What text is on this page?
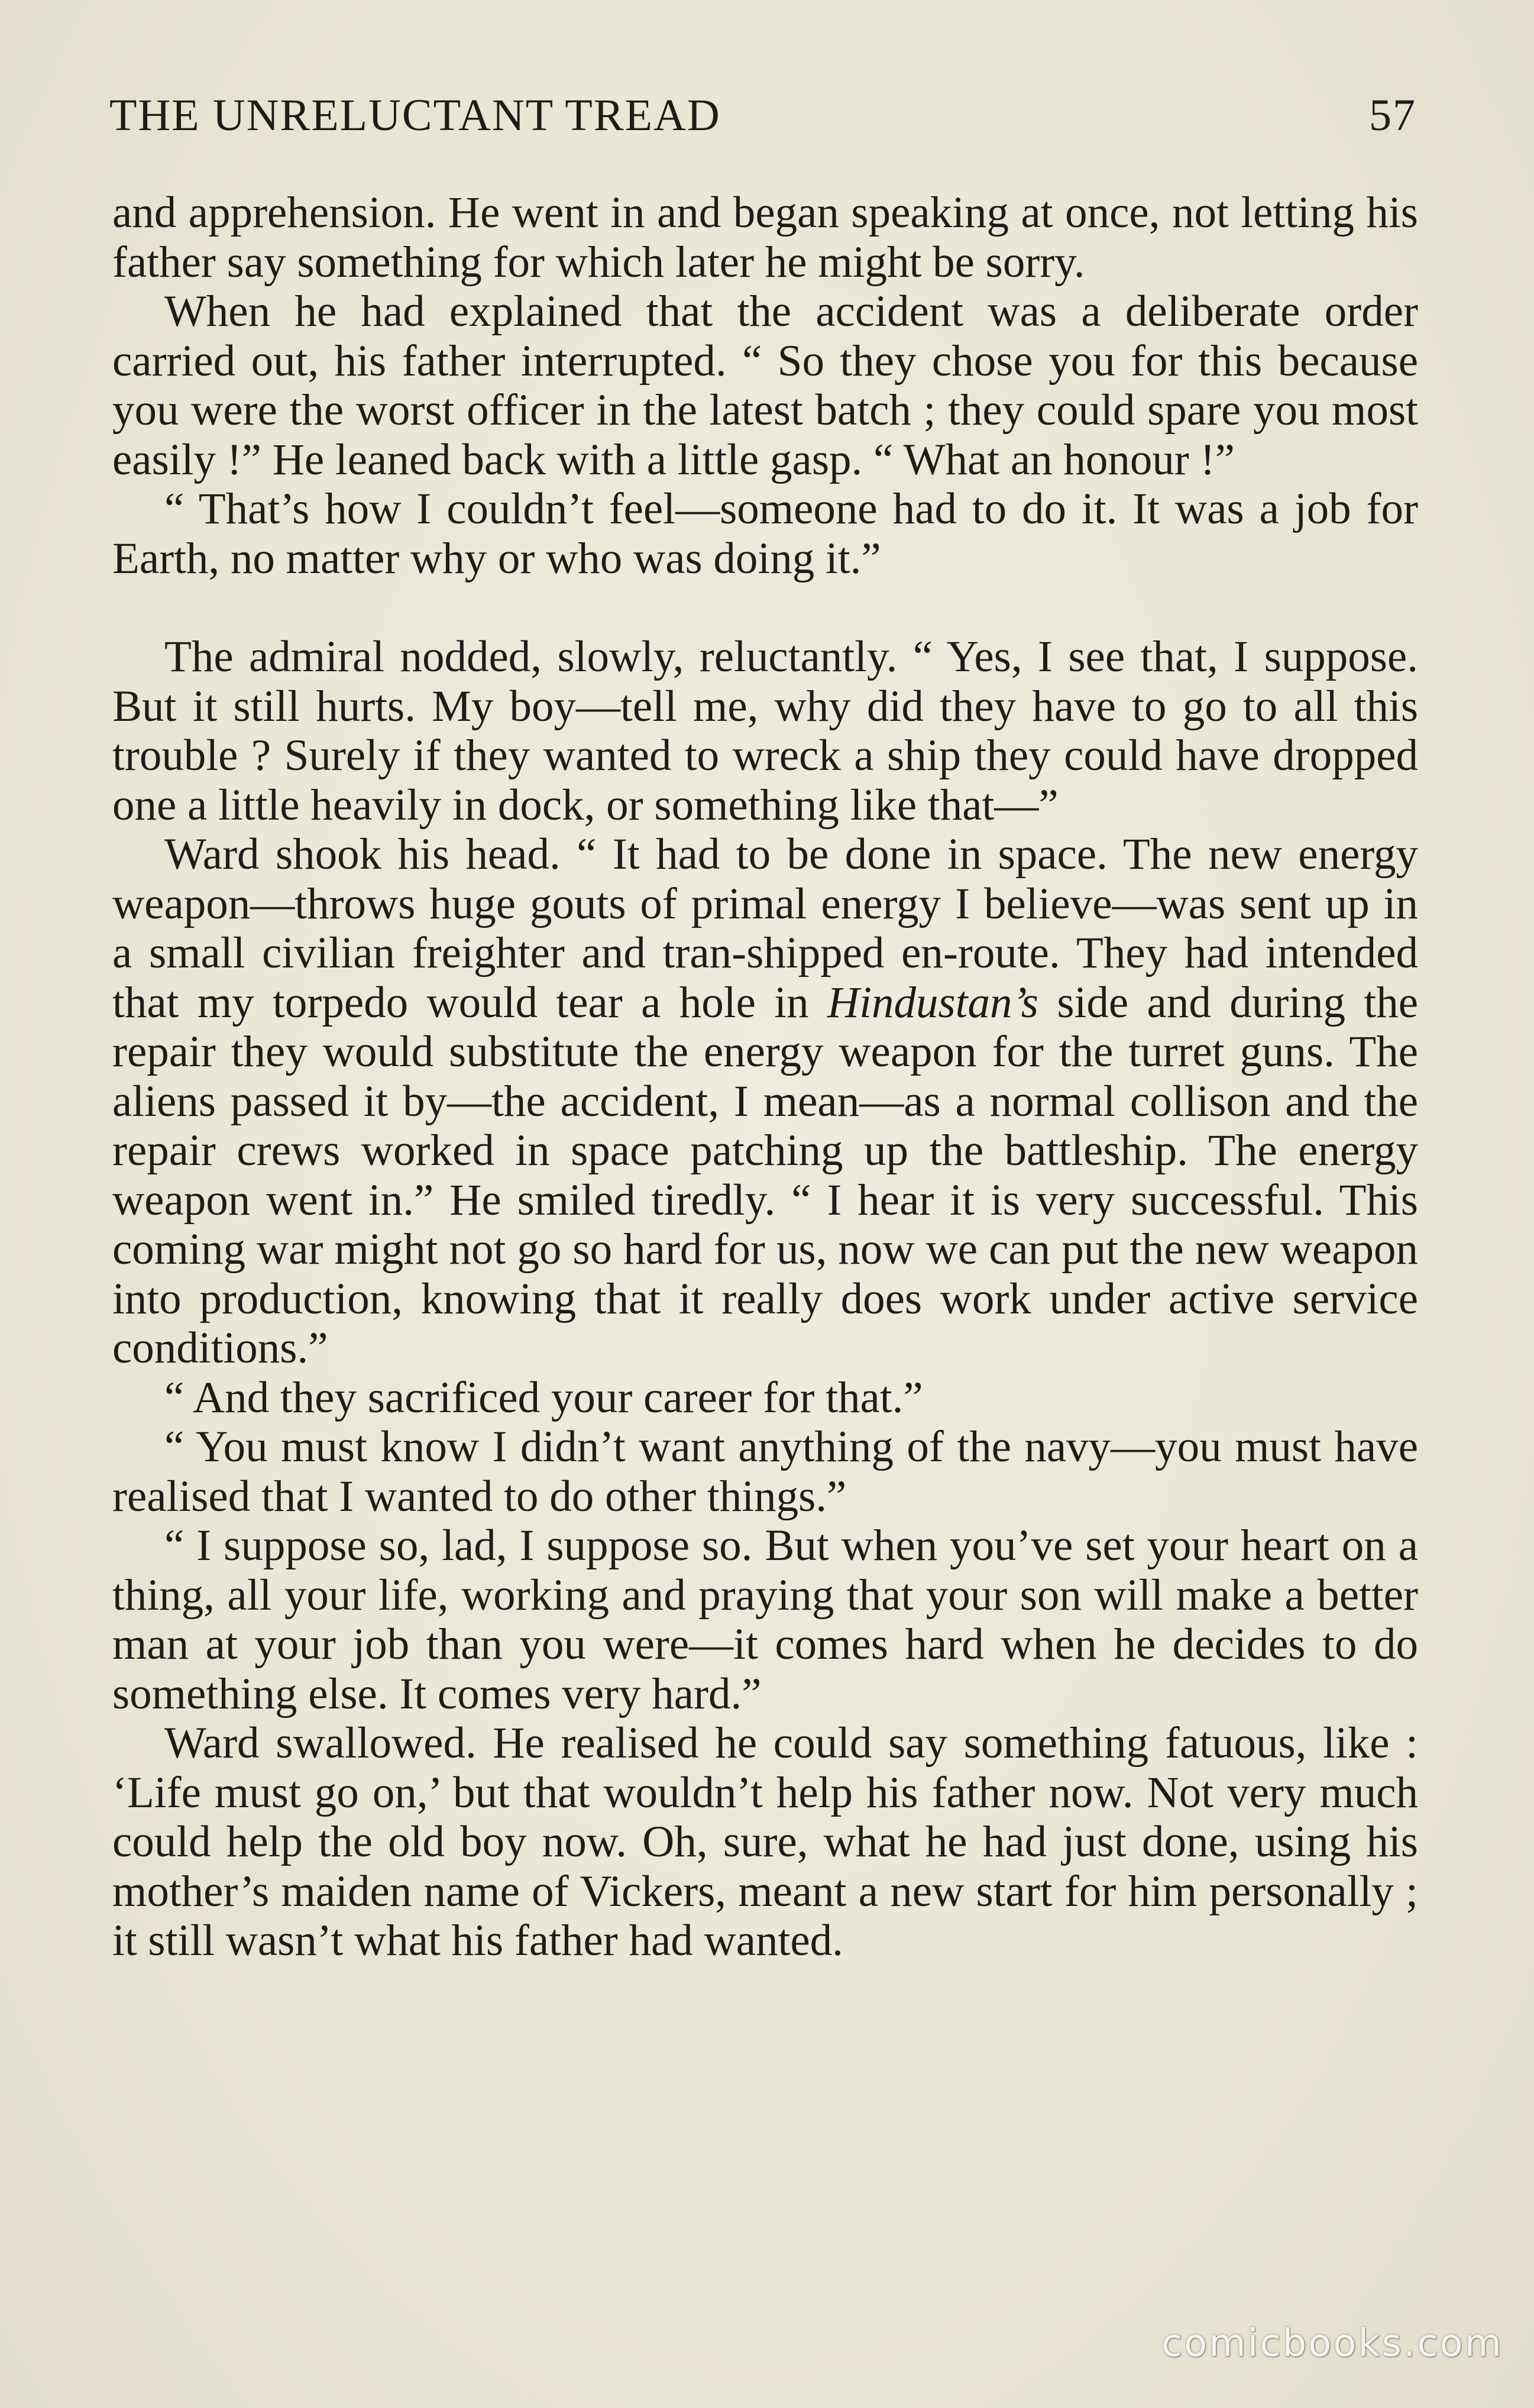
THE UNRELUCTANT TREAD	57

and apprehension. He went in and began speaking at once, not letting his father say something for which later he might be sorry.

When he had explained that the accident was a deliberate order carried out, his father interrupted. “ So they chose you for this because you were the worst officer in the latest batch ; they could spare you most easily !” He leaned back with a little gasp. “ What an honour !”

“ That’s how I couldn’t feel—someone had to do it. It was a job for Earth, no matter why or who was doing it.”

The admiral nodded, slowly, reluctantly. “ Yes, I see that, I suppose. But it still hurts. My boy—tell me, why did they have to go to all this trouble ? Surely if they wanted to wreck a ship they could have dropped one a little heavily in dock, or something like that—”

Ward shook his head. “ It had to be done in space. The new energy weapon—throws huge gouts of primal energy I believe—was sent up in a small civilian freighter and tran-shipped en-route. They had intended that my torpedo would tear a hole in Hindustan’s side and during the repair they would substitute the energy weapon for the turret guns. The aliens passed it by—the accident, I mean—as a normal collison and the repair crews worked in space patching up the battleship. The energy weapon went in.” He smiled tiredly. “ I hear it is very successful. This coming war might not go so hard for us, now we can put the new weapon into production, knowing that it really does work under active service conditions.”

“ And they sacrificed your career for that.”

“ You must know I didn’t want anything of the navy—you must have realised that I wanted to do other things.”

“ I suppose so, lad, I suppose so. But when you’ve set your heart on a thing, all your life, working and praying that your son will make a better man at your job than you were—it comes hard when he decides to do something else. It comes very hard.”

Ward swallowed. He realised he could say something fatuous, like : ‘Life must go on,’ but that wouldn’t help his father now. Not very much could help the old boy now. Oh, sure, what he had just done, using his mother’s maiden name of Vickers, meant a new start for him personally ; it still wasn’t what his father had wanted.

comicbooks.com
